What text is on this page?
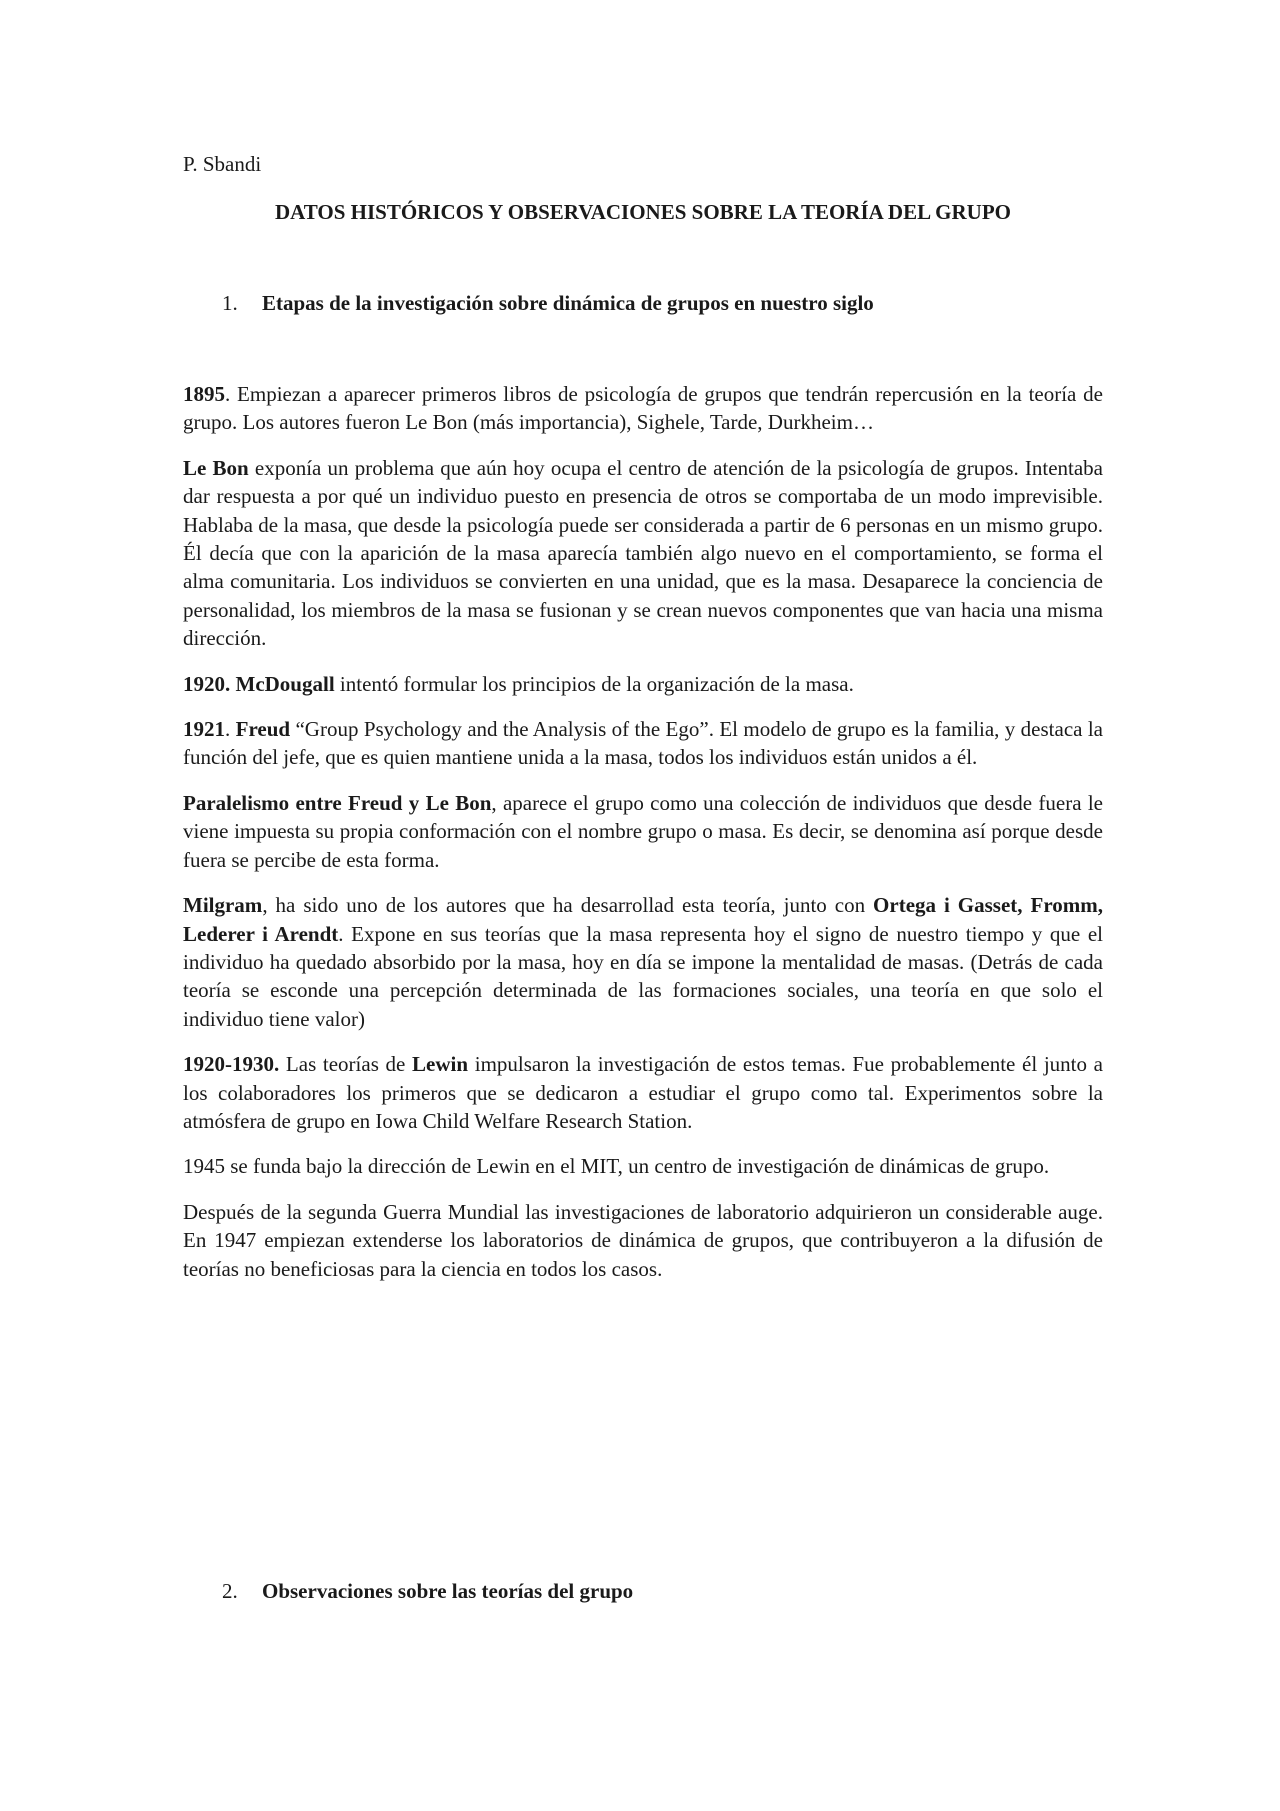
P. Sbandi

DATOS HISTÓRICOS Y OBSERVACIONES SOBRE LA TEORÍA DEL GRUPO
1. Etapas de la investigación sobre dinámica de grupos en nuestro siglo

1895. Empiezan a aparecer primeros libros de psicología de grupos que tendrán repercusión en la teoría de grupo. Los autores fueron Le Bon (más importancia), Sighele, Tarde, Durkheim…

Le Bon exponía un problema que aún hoy ocupa el centro de atención de la psicología de grupos. Intentaba dar respuesta a por qué un individuo puesto en presencia de otros se comportaba de un modo imprevisible. Hablaba de la masa, que desde la psicología puede ser considerada a partir de 6 personas en un mismo grupo. Él decía que con la aparición de la masa aparecía también algo nuevo en el comportamiento, se forma el alma comunitaria. Los individuos se convierten en una unidad, que es la masa. Desaparece la conciencia de personalidad, los miembros de la masa se fusionan y se crean nuevos componentes que van hacia una misma dirección.

1920. McDougall intentó formular los principios de la organización de la masa.

1921. Freud “Group Psychology and the Analysis of the Ego”. El modelo de grupo es la familia, y destaca la función del jefe, que es quien mantiene unida a la masa, todos los individuos están unidos a él.

Paralelismo entre Freud y Le Bon, aparece el grupo como una colección de individuos que desde fuera le viene impuesta su propia conformación con el nombre grupo o masa. Es decir, se denomina así porque desde fuera se percibe de esta forma.

Milgram, ha sido uno de los autores que ha desarrollad esta teoría, junto con Ortega i Gasset, Fromm, Lederer i Arendt. Expone en sus teorías que la masa representa hoy el signo de nuestro tiempo y que el individuo ha quedado absorbido por la masa, hoy en día se impone la mentalidad de masas. (Detrás de cada teoría se esconde una percepción determinada de las formaciones sociales, una teoría en que solo el individuo tiene valor)

1920-1930. Las teorías de Lewin impulsaron la investigación de estos temas. Fue probablemente él junto a los colaboradores los primeros que se dedicaron a estudiar el grupo como tal. Experimentos sobre la atmósfera de grupo en Iowa Child Welfare Research Station.

1945 se funda bajo la dirección de Lewin en el MIT, un centro de investigación de dinámicas de grupo.

Después de la segunda Guerra Mundial las investigaciones de laboratorio adquirieron un considerable auge. En 1947 empiezan extenderse los laboratorios de dinámica de grupos, que contribuyeron a la difusión de teorías no beneficiosas para la ciencia en todos los casos.

2. Observaciones sobre las teorías del grupo
